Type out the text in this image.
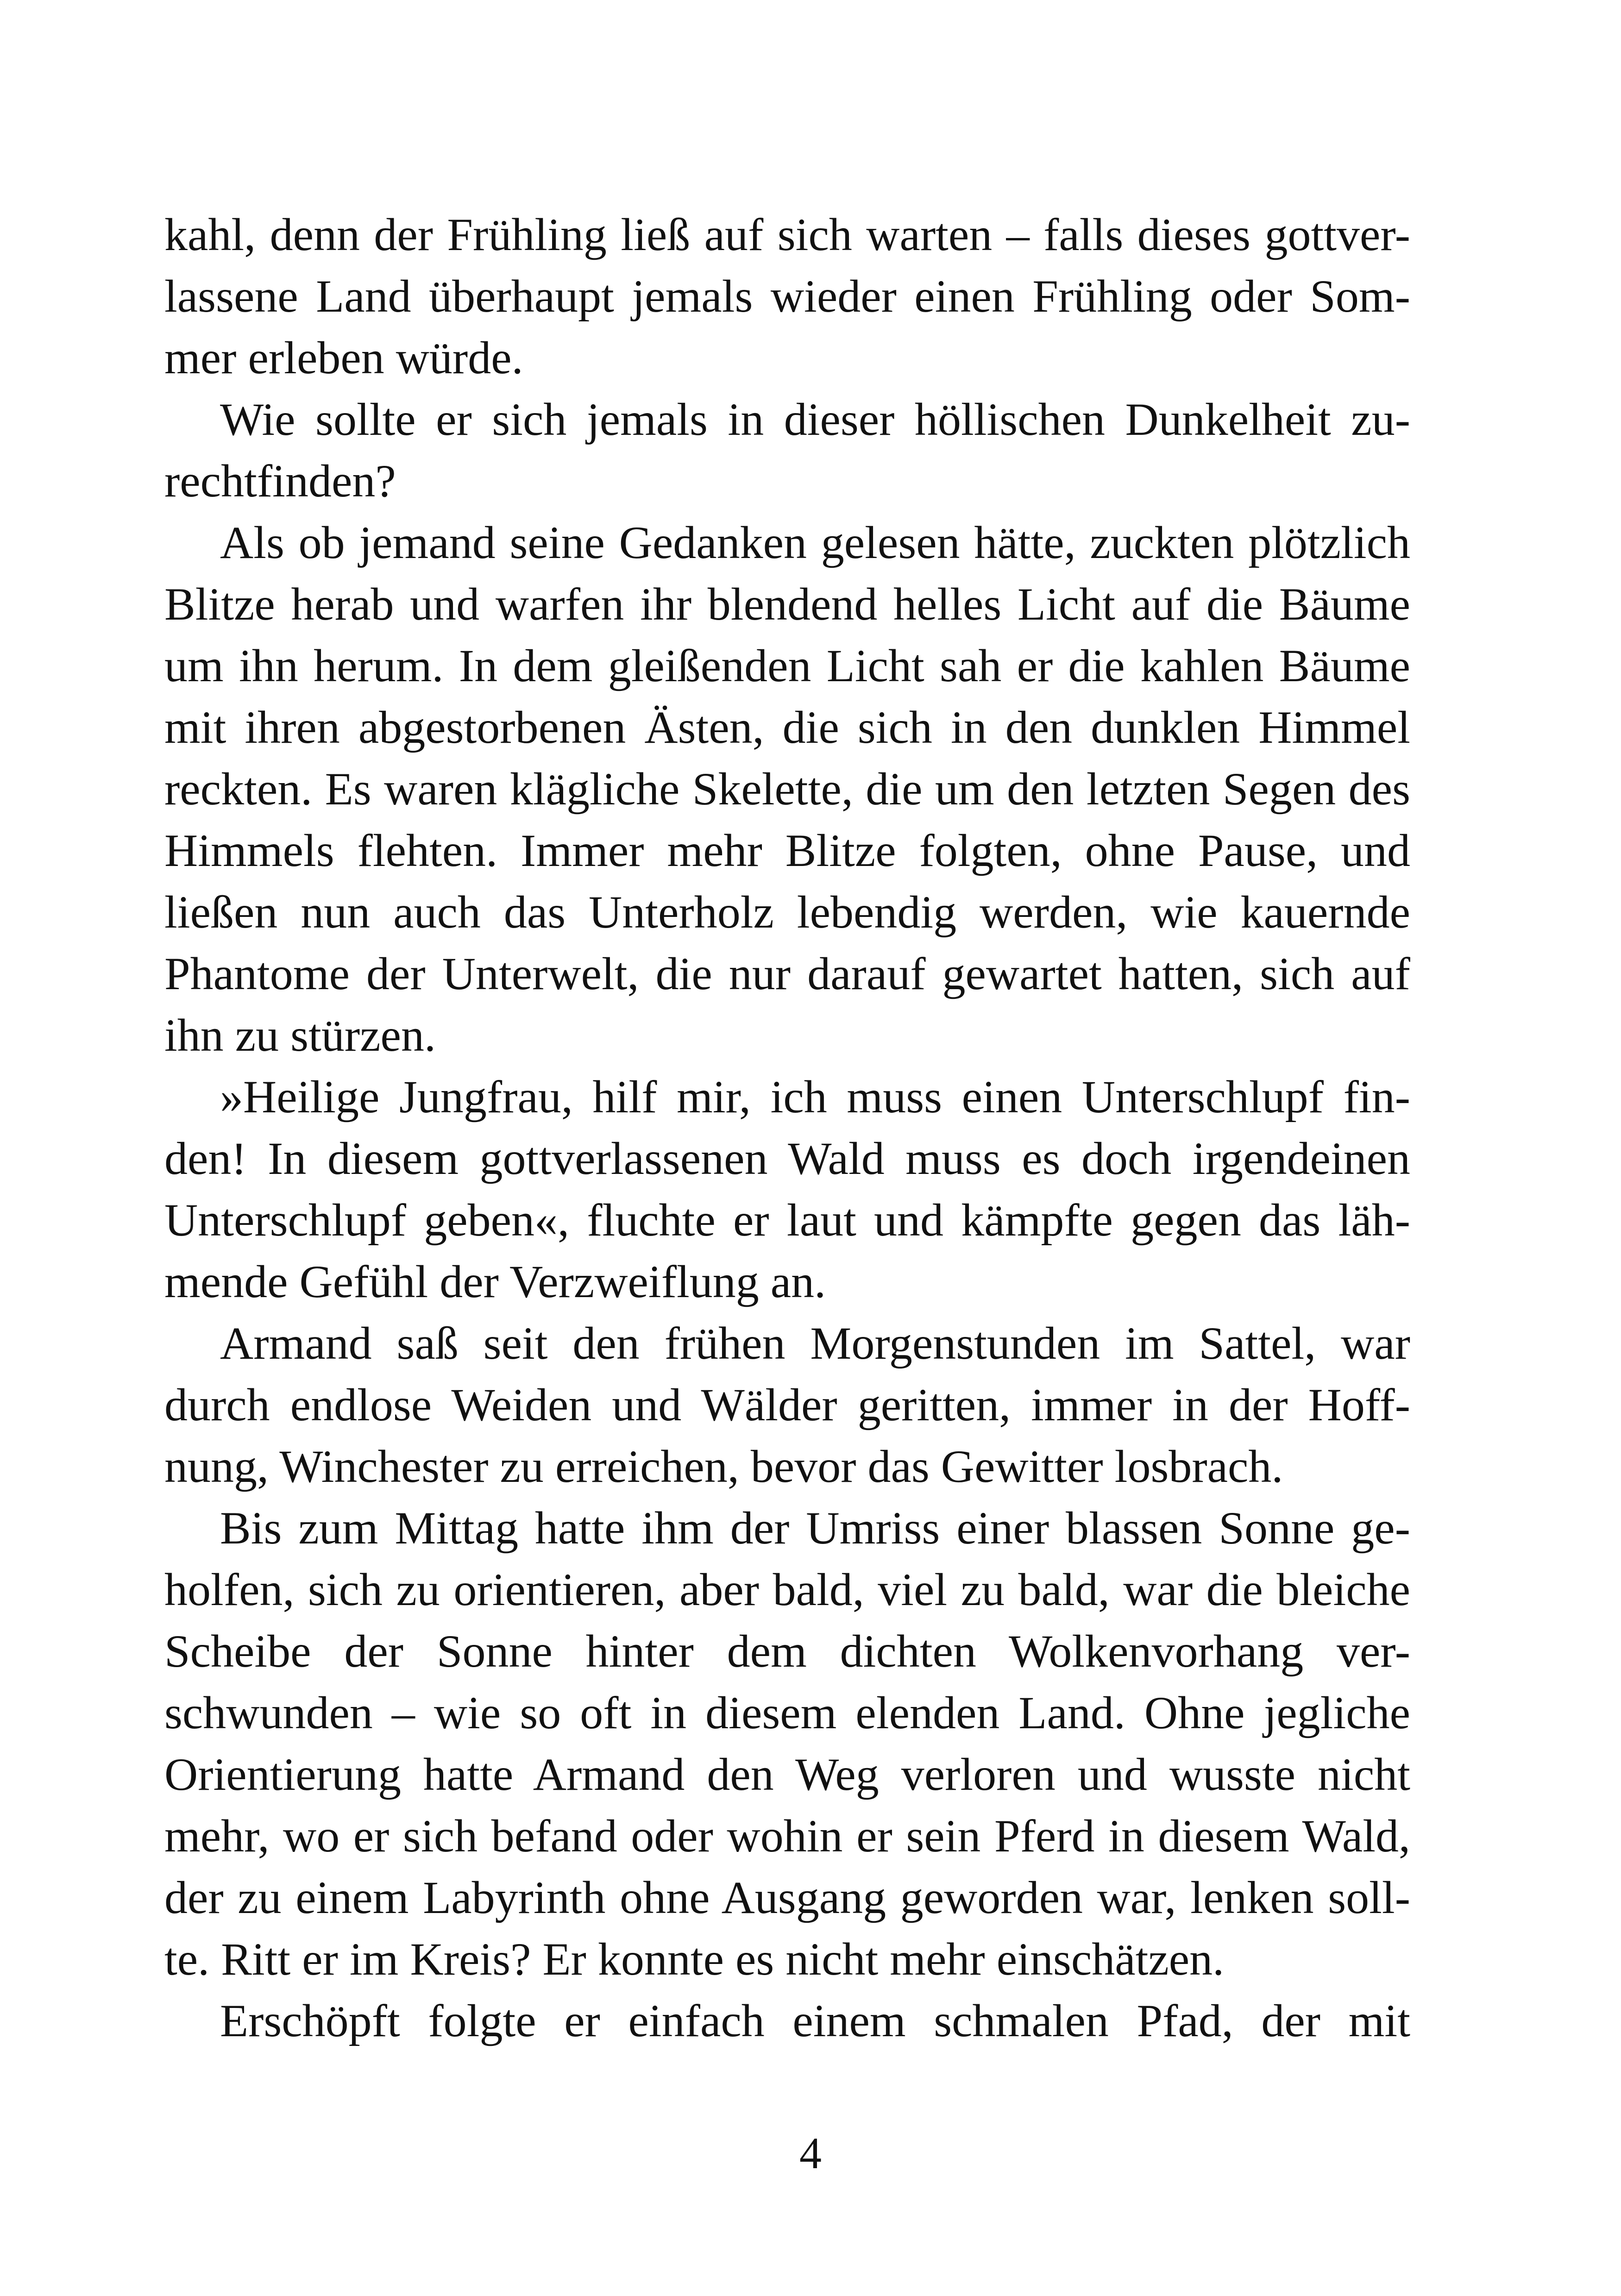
kahl, denn der Frühling ließ auf sich warten – falls dieses gottver-
lassene Land überhaupt jemals wieder einen Frühling oder Som-
mer erleben würde.
Wie sollte er sich jemals in dieser höllischen Dunkelheit zu-
rechtfinden?
Als ob jemand seine Gedanken gelesen hätte, zuckten plötzlich
Blitze herab und warfen ihr blendend helles Licht auf die Bäume
um ihn herum. In dem gleißenden Licht sah er die kahlen Bäume
mit ihren abgestorbenen Ästen, die sich in den dunklen Himmel
reckten. Es waren klägliche Skelette, die um den letzten Segen des
Himmels flehten. Immer mehr Blitze folgten, ohne Pause, und
ließen nun auch das Unterholz lebendig werden, wie kauernde
Phantome der Unterwelt, die nur darauf gewartet hatten, sich auf
ihn zu stürzen.
»Heilige Jungfrau, hilf mir, ich muss einen Unterschlupf fin-
den! In diesem gottverlassenen Wald muss es doch irgendeinen
Unterschlupf geben«, fluchte er laut und kämpfte gegen das läh-
mende Gefühl der Verzweiflung an.
Armand saß seit den frühen Morgenstunden im Sattel, war
durch endlose Weiden und Wälder geritten, immer in der Hoff-
nung, Winchester zu erreichen, bevor das Gewitter losbrach.
Bis zum Mittag hatte ihm der Umriss einer blassen Sonne ge-
holfen, sich zu orientieren, aber bald, viel zu bald, war die bleiche
Scheibe der Sonne hinter dem dichten Wolkenvorhang ver-
schwunden – wie so oft in diesem elenden Land. Ohne jegliche
Orientierung hatte Armand den Weg verloren und wusste nicht
mehr, wo er sich befand oder wohin er sein Pferd in diesem Wald,
der zu einem Labyrinth ohne Ausgang geworden war, lenken soll-
te. Ritt er im Kreis? Er konnte es nicht mehr einschätzen.
Erschöpft folgte er einfach einem schmalen Pfad, der mit
4
